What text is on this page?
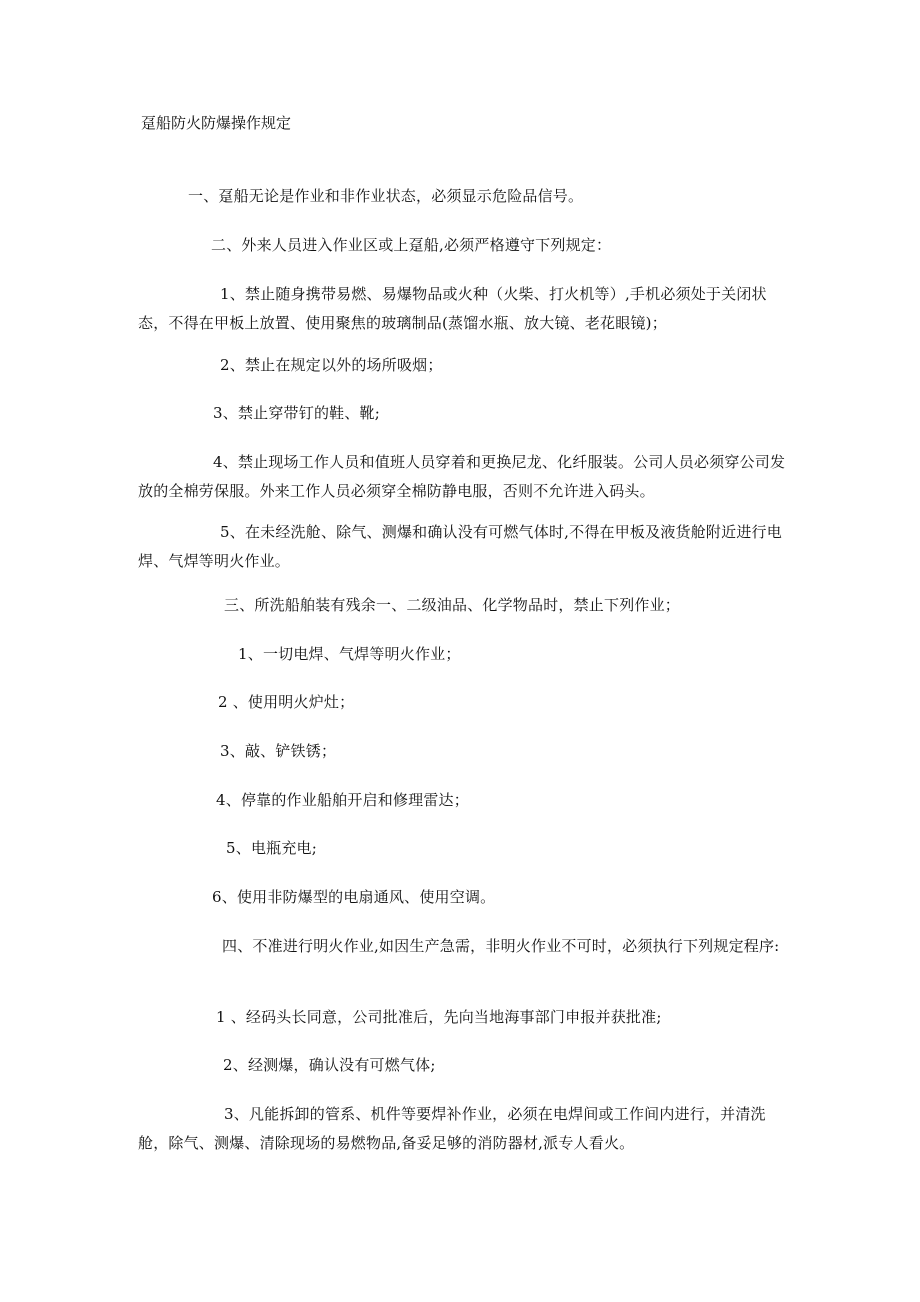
趸船防火防爆操作规定
一、趸船无论是作业和非作业状态，必须显示危险品信号。
二、外来人员进入作业区或上趸船,必须严格遵守下列规定：
1、禁止随身携带易燃、易爆物品或火种（火柴、打火机等）,手机必须处于关闭状态，不得在甲板上放置、使用聚焦的玻璃制品(蒸馏水瓶、放大镜、老花眼镜)；
2、禁止在规定以外的场所吸烟；
3、禁止穿带钉的鞋、靴;
4、禁止现场工作人员和值班人员穿着和更换尼龙、化纤服装。公司人员必须穿公司发放的全棉劳保服。外来工作人员必须穿全棉防静电服，否则不允许进入码头。
5、在未经洗舱、除气、测爆和确认没有可燃气体时,不得在甲板及液货舱附近进行电焊、气焊等明火作业。
三、所洗船舶装有残余一、二级油品、化学物品时，禁止下列作业；
1、一切电焊、气焊等明火作业；
2 、使用明火炉灶；
3、敲、铲铁锈；
4、停靠的作业船舶开启和修理雷达；
5、电瓶充电;
6、使用非防爆型的电扇通风、使用空调。
四、不准进行明火作业,如因生产急需，非明火作业不可时，必须执行下列规定程序:
1 、经码头长同意，公司批准后，先向当地海事部门申报并获批准;
2、经测爆，确认没有可燃气体;
3、凡能拆卸的管系、机件等要焊补作业，必须在电焊间或工作间内进行，并清洗舱，除气、测爆、清除现场的易燃物品,备妥足够的消防器材,派专人看火。
